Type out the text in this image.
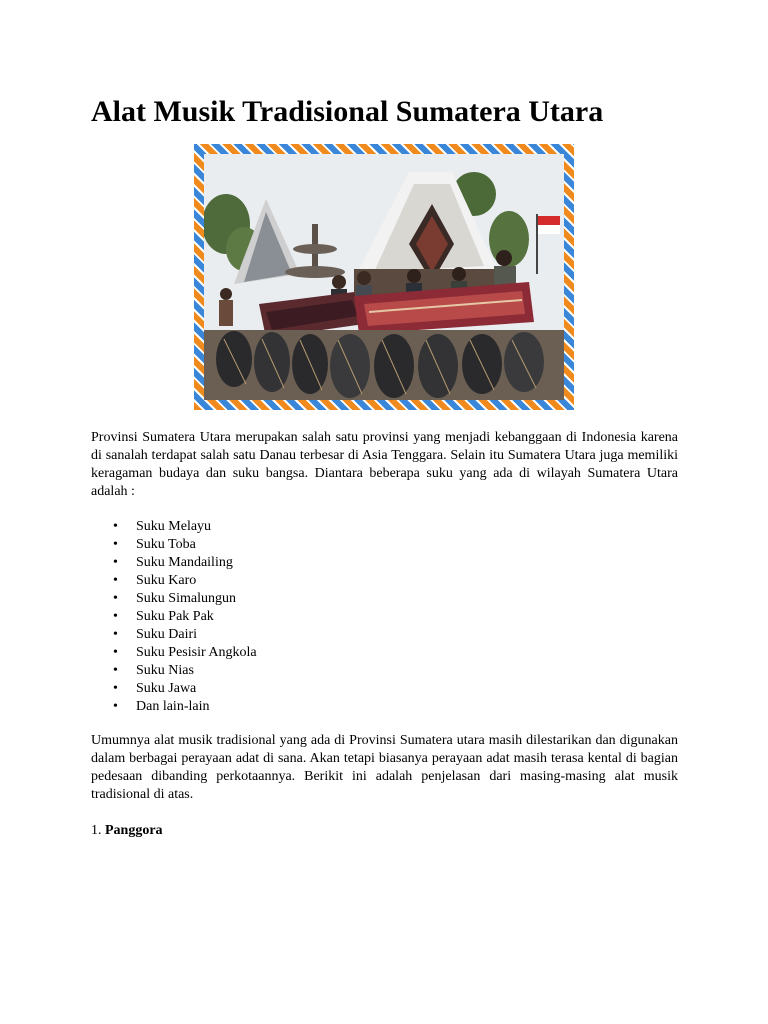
Alat Musik Tradisional Sumatera Utara

Provinsi Sumatera Utara merupakan salah satu provinsi yang menjadi kebanggaan di Indonesia karena di sanalah terdapat salah satu Danau terbesar di Asia Tenggara. Selain itu Sumatera Utara juga memiliki keragaman budaya dan suku bangsa. Diantara beberapa suku yang ada di wilayah Sumatera Utara adalah :

• Suku Melayu
• Suku Toba
• Suku Mandailing
• Suku Karo
• Suku Simalungun
• Suku Pak Pak
• Suku Dairi
• Suku Pesisir Angkola
• Suku Nias
• Suku Jawa
• Dan lain-lain

Umumnya alat musik tradisional yang ada di Provinsi Sumatera utara masih dilestarikan dan digunakan dalam berbagai perayaan adat di sana. Akan tetapi biasanya perayaan adat masih terasa kental di bagian pedesaan dibanding perkotaannya. Berikit ini adalah penjelasan dari masing-masing alat musik tradisional di atas.

1. Panggora
